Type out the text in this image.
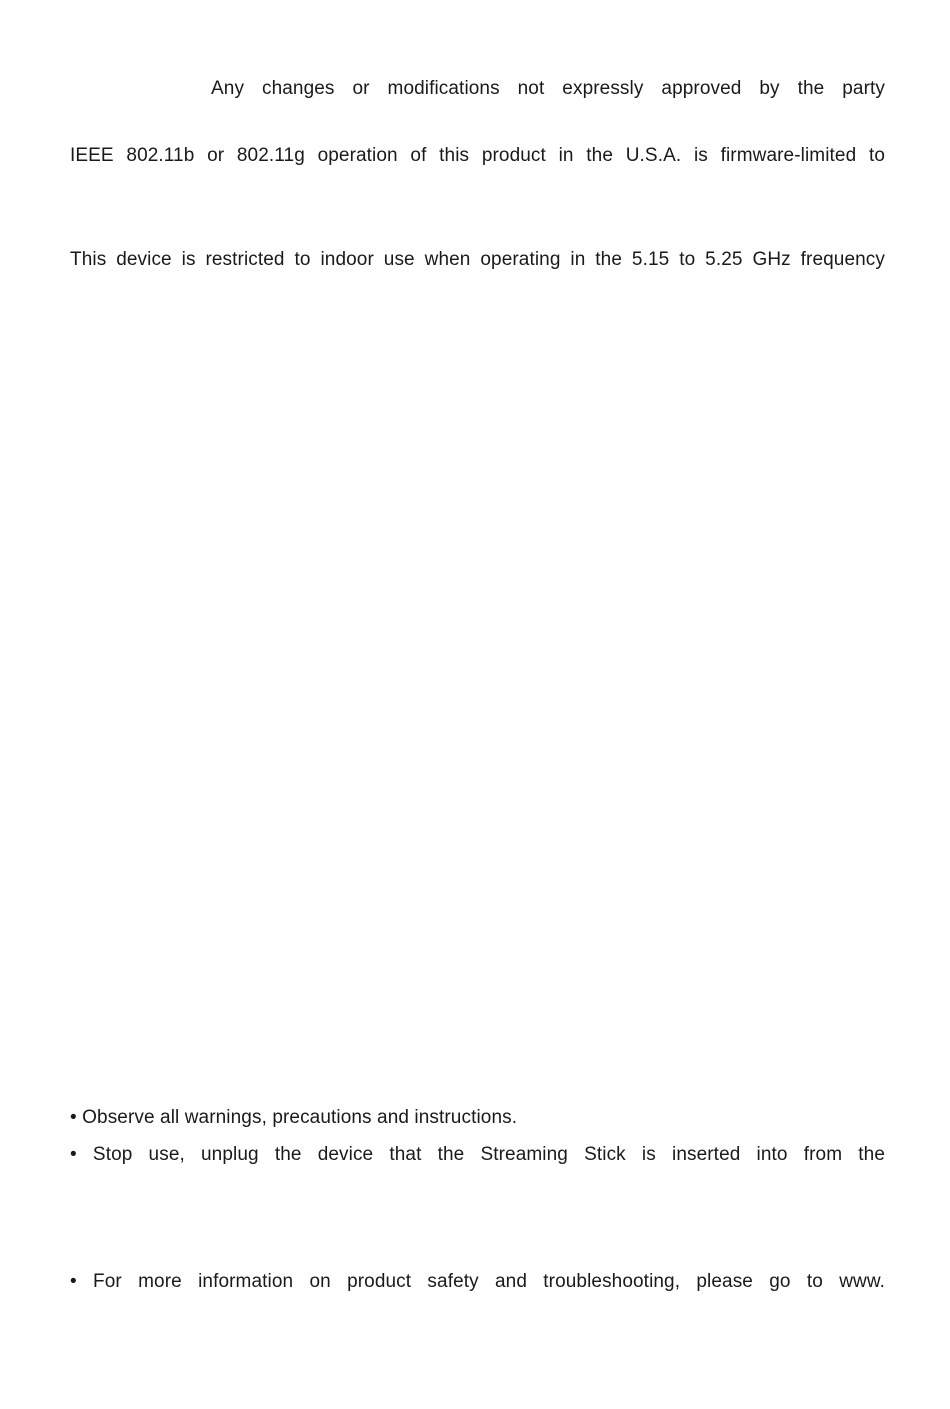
Any changes or modifications not expressly approved by the party
IEEE 802.11b or 802.11g operation of this product in the U.S.A. is firmware-limited to
This device is restricted to indoor use when operating in the 5.15 to 5.25 GHz frequency
• Observe all warnings, precautions and instructions.
• Stop use, unplug the device that the Streaming Stick is inserted into from the
• For more information on product safety and troubleshooting, please go to www.
